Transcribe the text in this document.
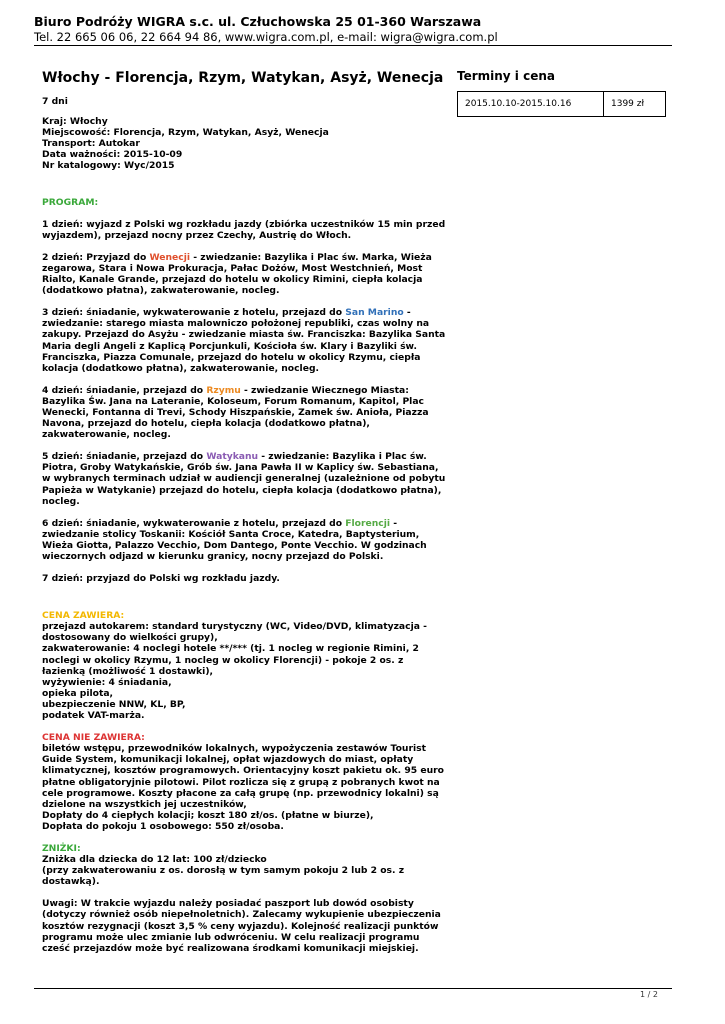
Biuro Podróży WIGRA s.c. ul. Człuchowska 25 01-360 Warszawa
Tel. 22 665 06 06, 22 664 94 86, www.wigra.com.pl, e-mail: wigra@wigra.com.pl
Włochy - Florencja, Rzym, Watykan, Asyż, Wenecja
7 dni
Kraj: Włochy
Miejscowość: Florencja, Rzym, Watykan, Asyż, Wenecja
Transport: Autokar
Data ważności: 2015-10-09
Nr katalogowy: Wyc/2015
PROGRAM:
1 dzień: wyjazd z Polski wg rozkładu jazdy (zbiórka uczestników 15 min przed wyjazdem), przejazd nocny przez Czechy, Austrię do Włoch.
2 dzień: Przyjazd do Wenecji - zwiedzanie: Bazylika i Plac św. Marka, Wieża zegarowa, Stara i Nowa Prokuracja, Pałac Dożów, Most Westchnień, Most Rialto, Kanale Grande, przejazd do hotelu w okolicy Rimini, ciepła kolacja (dodatkowo płatna), zakwaterowanie, nocleg.
3 dzień: śniadanie, wykwaterowanie z hotelu, przejazd do San Marino - zwiedzanie: starego miasta malowniczo położonej republiki, czas wolny na zakupy. Przejazd do Asyżu - zwiedzanie miasta św. Franciszka: Bazylika Santa Maria degli Angeli z Kaplicą Porcjunkuli, Kościoła św. Klary i Bazyliki św. Franciszka, Piazza Comunale, przejazd do hotelu w okolicy Rzymu, ciepła kolacja (dodatkowo płatna), zakwaterowanie, nocleg.
4 dzień: śniadanie, przejazd do Rzymu - zwiedzanie Wiecznego Miasta: Bazylika Św. Jana na Lateranie, Koloseum, Forum Romanum, Kapitol, Plac Wenecki, Fontanna di Trevi, Schody Hiszpańskie, Zamek św. Anioła, Piazza Navona, przejazd do hotelu, ciepła kolacja (dodatkowo płatna), zakwaterowanie, nocleg.
5 dzień: śniadanie, przejazd do Watykanu - zwiedzanie: Bazylika i Plac św. Piotra, Groby Watykańskie, Grób św. Jana Pawła II w Kaplicy św. Sebastiana, w wybranych terminach udział w audiencji generalnej (uzależnione od pobytu Papieża w Watykanie) przejazd do hotelu, ciepła kolacja (dodatkowo płatna), nocleg.
6 dzień: śniadanie, wykwaterowanie z hotelu, przejazd do Florencji - zwiedzanie stolicy Toskanii: Kościół Santa Croce, Katedra, Baptysterium, Wieża Giotta, Palazzo Vecchio, Dom Dantego, Ponte Vecchio. W godzinach wieczornych odjazd w kierunku granicy, nocny przejazd do Polski.
7 dzień: przyjazd do Polski wg rozkładu jazdy.
CENA ZAWIERA:
przejazd autokarem: standard turystyczny (WC, Video/DVD, klimatyzacja - dostosowany do wielkości grupy),
zakwaterowanie: 4 noclegi hotele **/*** (tj. 1 nocleg w regionie Rimini, 2 noclegi w okolicy Rzymu, 1 nocleg w okolicy Florencji) - pokoje 2 os. z łazienką (możliwość 1 dostawki),
wyżywienie: 4 śniadania,
opieka pilota,
ubezpieczenie NNW, KL, BP,
podatek VAT-marża.
CENA NIE ZAWIERA:
biletów wstępu, przewodników lokalnych, wypożyczenia zestawów Tourist Guide System, komunikacji lokalnej, opłat wjazdowych do miast, opłaty klimatycznej, kosztów programowych. Orientacyjny koszt pakietu ok. 95 euro płatne obligatoryjnie pilotowi. Pilot rozlicza się z grupą z pobranych kwot na cele programowe. Koszty płacone za całą grupę (np. przewodnicy lokalni) są dzielone na wszystkich jej uczestników,
Dopłaty do 4 ciepłych kolacji; koszt 180 zł/os. (płatne w biurze),
Dopłata do pokoju 1 osobowego: 550 zł/osoba.
ZNIŻKI:
Zniżka dla dziecka do 12 lat: 100 zł/dziecko
(przy zakwaterowaniu z os. dorosłą w tym samym pokoju 2 lub 2 os. z dostawką).
Uwagi: W trakcie wyjazdu należy posiadać paszport lub dowód osobisty (dotyczy również osób niepełnoletnich). Zalecamy wykupienie ubezpieczenia kosztów rezygnacji (koszt 3,5 % ceny wyjazdu). Kolejność realizacji punktów programu może ulec zmianie lub odwróceniu. W celu realizacji programu cześć przejazdów może być realizowana środkami komunikacji miejskiej.
Terminy i cena
2015.10.10-2015.10.16	1399 zł
1 / 2
